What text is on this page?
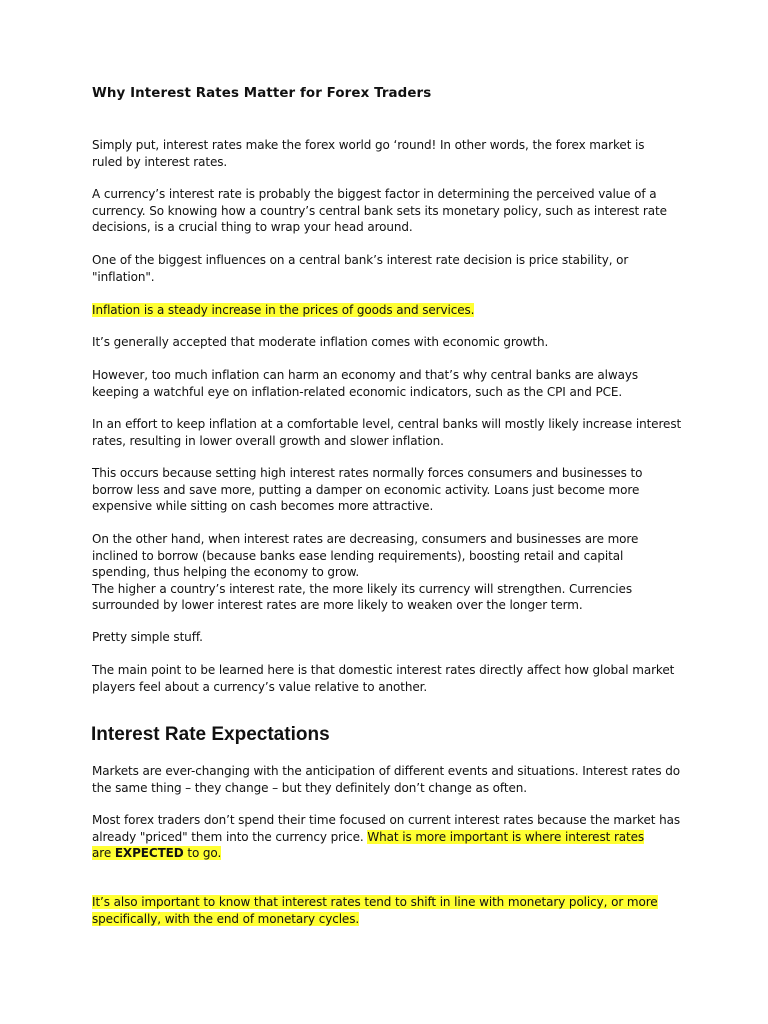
Why Interest Rates Matter for Forex Traders
Simply put, interest rates make the forex world go ‘round! In other words, the forex market is
ruled by interest rates.
A currency’s interest rate is probably the biggest factor in determining the perceived value of a
currency. So knowing how a country’s central bank sets its monetary policy, such as interest rate
decisions, is a crucial thing to wrap your head around.
One of the biggest influences on a central bank’s interest rate decision is price stability, or
"inflation".
Inflation is a steady increase in the prices of goods and services.
It’s generally accepted that moderate inflation comes with economic growth.
However, too much inflation can harm an economy and that’s why central banks are always
keeping a watchful eye on inflation-related economic indicators, such as the CPI and PCE.
In an effort to keep inflation at a comfortable level, central banks will mostly likely increase interest
rates, resulting in lower overall growth and slower inflation.
This occurs because setting high interest rates normally forces consumers and businesses to
borrow less and save more, putting a damper on economic activity. Loans just become more
expensive while sitting on cash becomes more attractive.
On the other hand, when interest rates are decreasing, consumers and businesses are more
inclined to borrow (because banks ease lending requirements), boosting retail and capital
spending, thus helping the economy to grow.
The higher a country’s interest rate, the more likely its currency will strengthen. Currencies
surrounded by lower interest rates are more likely to weaken over the longer term.
Pretty simple stuff.
The main point to be learned here is that domestic interest rates directly affect how global market
players feel about a currency’s value relative to another.
Interest Rate Expectations
Markets are ever-changing with the anticipation of different events and situations. Interest rates do
the same thing – they change – but they definitely don’t change as often.
Most forex traders don’t spend their time focused on current interest rates because the market has
already "priced" them into the currency price. What is more important is where interest rates
are EXPECTED to go.
It’s also important to know that interest rates tend to shift in line with monetary policy, or more
specifically, with the end of monetary cycles.
